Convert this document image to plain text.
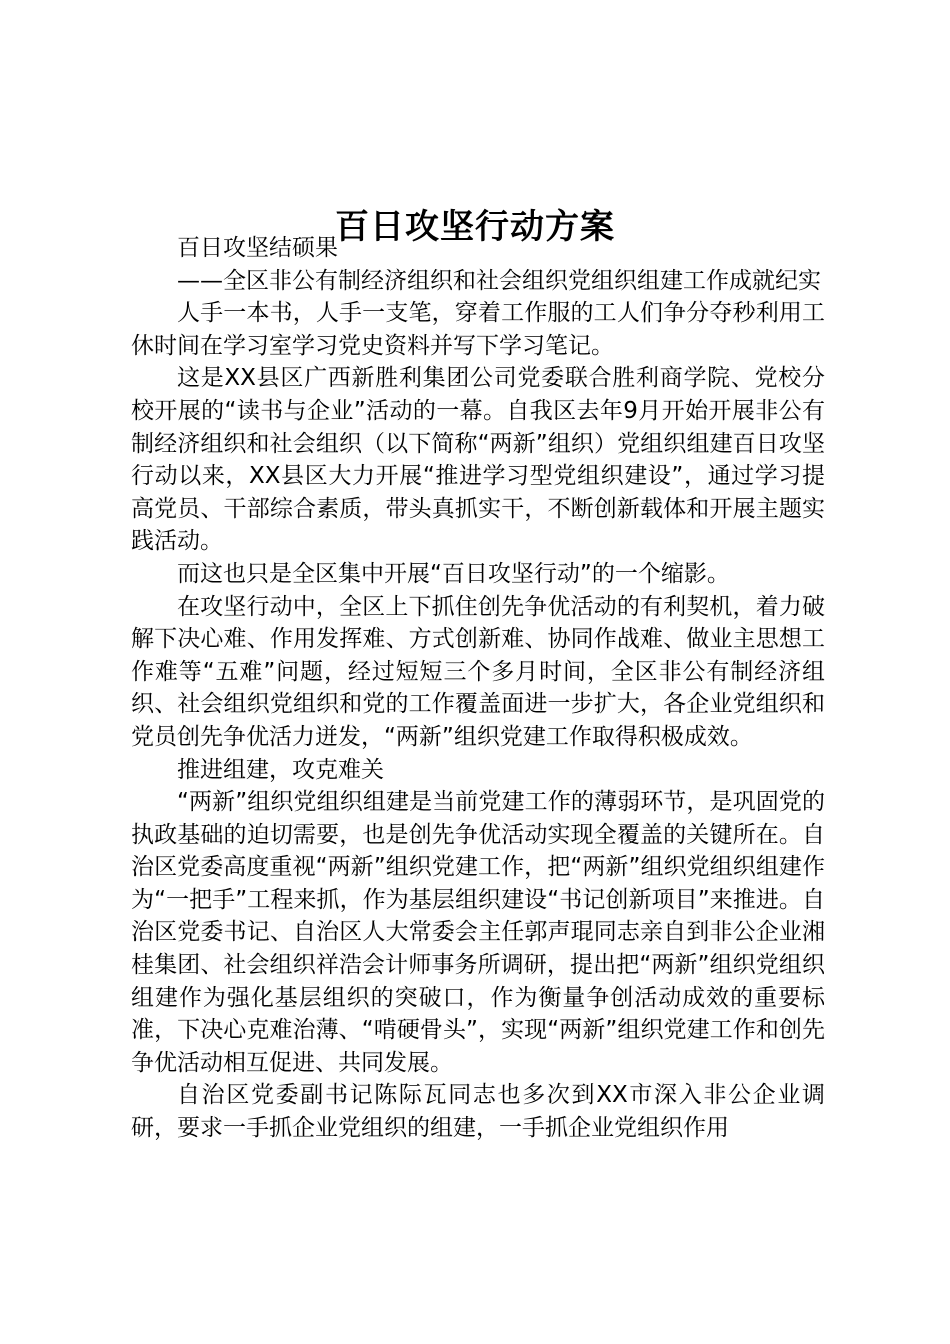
百日攻坚行动方案

百日攻坚结硕果

——全区非公有制经济组织和社会组织党组织组建工作成就纪实

人手一本书，人手一支笔，穿着工作服的工人们争分夺秒利用工休时间在学习室学习党史资料并写下学习笔记。

这是XX县区广西新胜利集团公司党委联合胜利商学院、党校分校开展的“读书与企业”活动的一幕。自我区去年9月开始开展非公有制经济组织和社会组织（以下简称“两新”组织）党组织组建百日攻坚行动以来，XX县区大力开展“推进学习型党组织建设”，通过学习提高党员、干部综合素质，带头真抓实干，不断创新载体和开展主题实践活动。

而这也只是全区集中开展“百日攻坚行动”的一个缩影。

在攻坚行动中，全区上下抓住创先争优活动的有利契机，着力破解下决心难、作用发挥难、方式创新难、协同作战难、做业主思想工作难等“五难”问题，经过短短三个多月时间，全区非公有制经济组织、社会组织党组织和党的工作覆盖面进一步扩大，各企业党组织和党员创先争优活力迸发，“两新”组织党建工作取得积极成效。

推进组建，攻克难关

“两新”组织党组织组建是当前党建工作的薄弱环节，是巩固党的执政基础的迫切需要，也是创先争优活动实现全覆盖的关键所在。自治区党委高度重视“两新”组织党建工作，把“两新”组织党组织组建作为“一把手”工程来抓，作为基层组织建设“书记创新项目”来推进。自治区党委书记、自治区人大常委会主任郭声琨同志亲自到非公企业湘桂集团、社会组织祥浩会计师事务所调研，提出把“两新”组织党组织组建作为强化基层组织的突破口，作为衡量争创活动成效的重要标准，下决心克难治薄、“啃硬骨头”，实现“两新”组织党建工作和创先争优活动相互促进、共同发展。

自治区党委副书记陈际瓦同志也多次到XX市深入非公企业调研，要求一手抓企业党组织的组建，一手抓企业党组织作用
